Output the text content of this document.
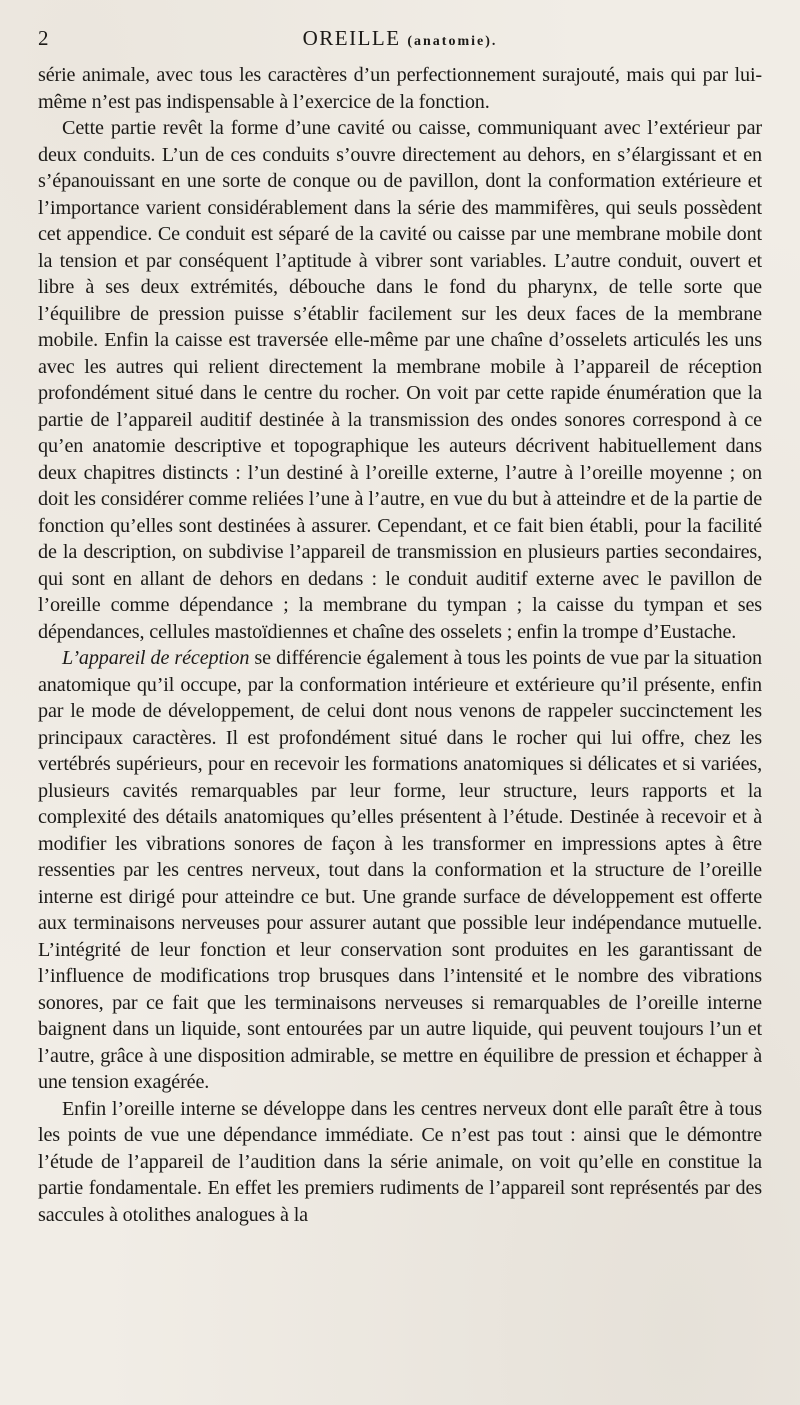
2	OREILLE (anatomie).

série animale, avec tous les caractères d’un perfectionnement surajouté, mais qui par lui-même n’est pas indispensable à l’exercice de la fonction.

Cette partie revêt la forme d’une cavité ou caisse, communiquant avec l’extérieur par deux conduits. L’un de ces conduits s’ouvre directement au dehors, en s’élargissant et en s’épanouissant en une sorte de conque ou de pavillon, dont la conformation extérieure et l’importance varient considérablement dans la série des mammifères, qui seuls possèdent cet appendice. Ce conduit est séparé de la cavité ou caisse par une membrane mobile dont la tension et par conséquent l’aptitude à vibrer sont variables. L’autre conduit, ouvert et libre à ses deux extrémités, débouche dans le fond du pharynx, de telle sorte que l’équilibre de pression puisse s’établir facilement sur les deux faces de la membrane mobile. Enfin la caisse est traversée elle-même par une chaîne d’osselets articulés les uns avec les autres qui relient directement la membrane mobile à l’appareil de réception profondément situé dans le centre du rocher. On voit par cette rapide énumération que la partie de l’appareil auditif destinée à la transmission des ondes sonores correspond à ce qu’en anatomie descriptive et topographique les auteurs décrivent habituellement dans deux chapitres distincts : l’un destiné à l’oreille externe, l’autre à l’oreille moyenne ; on doit les considérer comme reliées l’une à l’autre, en vue du but à atteindre et de la partie de fonction qu’elles sont destinées à assurer. Cependant, et ce fait bien établi, pour la facilité de la description, on subdivise l’appareil de transmission en plusieurs parties secondaires, qui sont en allant de dehors en dedans : le conduit auditif externe avec le pavillon de l’oreille comme dépendance ; la membrane du tympan ; la caisse du tympan et ses dépendances, cellules mastoïdiennes et chaîne des osselets ; enfin la trompe d’Eustache.

L’appareil de réception se différencie également à tous les points de vue par la situation anatomique qu’il occupe, par la conformation intérieure et extérieure qu’il présente, enfin par le mode de développement, de celui dont nous venons de rappeler succinctement les principaux caractères. Il est profondément situé dans le rocher qui lui offre, chez les vertébrés supérieurs, pour en recevoir les formations anatomiques si délicates et si variées, plusieurs cavités remarquables par leur forme, leur structure, leurs rapports et la complexité des détails anatomiques qu’elles présentent à l’étude. Destinée à recevoir et à modifier les vibrations sonores de façon à les transformer en impressions aptes à être ressenties par les centres nerveux, tout dans la conformation et la structure de l’oreille interne est dirigé pour atteindre ce but. Une grande surface de développement est offerte aux terminaisons nerveuses pour assurer autant que possible leur indépendance mutuelle. L’intégrité de leur fonction et leur conservation sont produites en les garantissant de l’influence de modifications trop brusques dans l’intensité et le nombre des vibrations sonores, par ce fait que les terminaisons nerveuses si remarquables de l’oreille interne baignent dans un liquide, sont entourées par un autre liquide, qui peuvent toujours l’un et l’autre, grâce à une disposition admirable, se mettre en équilibre de pression et échapper à une tension exagérée.

Enfin l’oreille interne se développe dans les centres nerveux dont elle paraît être à tous les points de vue une dépendance immédiate. Ce n’est pas tout : ainsi que le démontre l’étude de l’appareil de l’audition dans la série animale, on voit qu’elle en constitue la partie fondamentale. En effet les premiers rudiments de l’appareil sont représentés par des saccules à otolithes analogues à la
